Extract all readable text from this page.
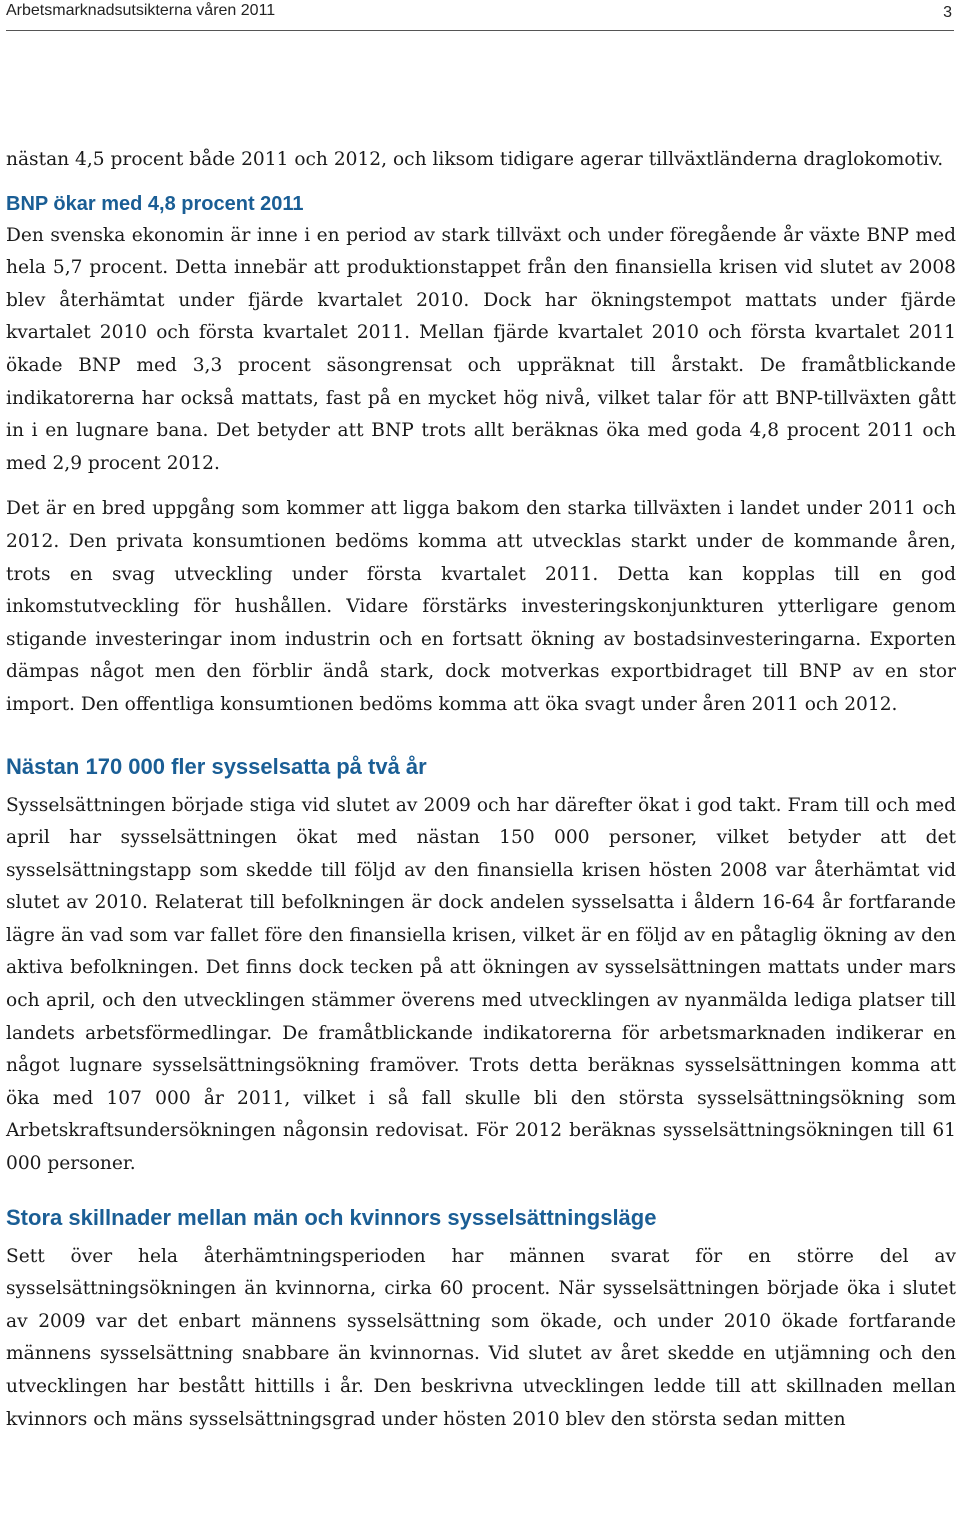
Arbetsmarknadsutsikterna våren 2011	3

nästan 4,5 procent både 2011 och 2012, och liksom tidigare agerar tillväxtländerna draglokomotiv.

BNP ökar med 4,8 procent 2011

Den svenska ekonomin är inne i en period av stark tillväxt och under föregående år växte BNP med hela 5,7 procent. Detta innebär att produktionstappet från den finansiella krisen vid slutet av 2008 blev återhämtat under fjärde kvartalet 2010. Dock har ökningstempot mattats under fjärde kvartalet 2010 och första kvartalet 2011. Mellan fjärde kvartalet 2010 och första kvartalet 2011 ökade BNP med 3,3 procent säsongrensat och uppräknat till årstakt. De framåtblickande indikatorerna har också mattats, fast på en mycket hög nivå, vilket talar för att BNP-tillväxten gått in i en lugnare bana. Det betyder att BNP trots allt beräknas öka med goda 4,8 procent 2011 och med 2,9 procent 2012.

Det är en bred uppgång som kommer att ligga bakom den starka tillväxten i landet under 2011 och 2012. Den privata konsumtionen bedöms komma att utvecklas starkt under de kommande åren, trots en svag utveckling under första kvartalet 2011. Detta kan kopplas till en god inkomstutveckling för hushållen. Vidare förstärks investeringskonjunkturen ytterligare genom stigande investeringar inom industrin och en fortsatt ökning av bostadsinvesteringarna. Exporten dämpas något men den förblir ändå stark, dock motverkas exportbidraget till BNP av en stor import. Den offentliga konsumtionen bedöms komma att öka svagt under åren 2011 och 2012.

Nästan 170 000 fler sysselsatta på två år

Sysselsättningen började stiga vid slutet av 2009 och har därefter ökat i god takt. Fram till och med april har sysselsättningen ökat med nästan 150 000 personer, vilket betyder att det sysselsättningstapp som skedde till följd av den finansiella krisen hösten 2008 var återhämtat vid slutet av 2010. Relaterat till befolkningen är dock andelen sysselsatta i åldern 16-64 år fortfarande lägre än vad som var fallet före den finansiella krisen, vilket är en följd av en påtaglig ökning av den aktiva befolkningen. Det finns dock tecken på att ökningen av sysselsättningen mattats under mars och april, och den utvecklingen stämmer överens med utvecklingen av nyanmälda lediga platser till landets arbetsförmedlingar. De framåtblickande indikatorerna för arbetsmarknaden indikerar en något lugnare sysselsättningsökning framöver. Trots detta beräknas sysselsättningen komma att öka med 107 000 år 2011, vilket i så fall skulle bli den största sysselsättningsökning som Arbetskraftsundersökningen någonsin redovisat. För 2012 beräknas sysselsättningsökningen till 61 000 personer.

Stora skillnader mellan män och kvinnors sysselsättningsläge

Sett över hela återhämtningsperioden har männen svarat för en större del av sysselsättningsökningen än kvinnorna, cirka 60 procent. När sysselsättningen började öka i slutet av 2009 var det enbart männens sysselsättning som ökade, och under 2010 ökade fortfarande männens sysselsättning snabbare än kvinnornas. Vid slutet av året skedde en utjämning och den utvecklingen har bestått hittills i år. Den beskrivna utvecklingen ledde till att skillnaden mellan kvinnors och mäns sysselsättningsgrad under hösten 2010 blev den största sedan mitten
